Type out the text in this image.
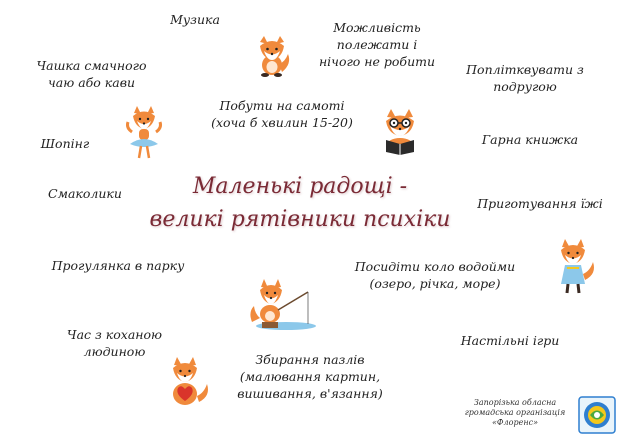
Маленькі радощі -
великі рятівники психіки
Музика
Можливість
полежати і
нічого не робити
Чашка смачного
чаю або кави
Поплітквувати з
подругою
Побути на самоті
(хоча б хвилин 15-20)
Шопінг	Гарна книжка
Смаколики
Приготування їжі
Прогулянка в парку	Посидіти коло водойми
(озеро, річка, море)
Час з коханою
людиною
Настільні ігри
Збирання пазлів
(малювання картин,
вишивання, в'язання)
Запорізька обласна
громадська організація
«Флоренс»
